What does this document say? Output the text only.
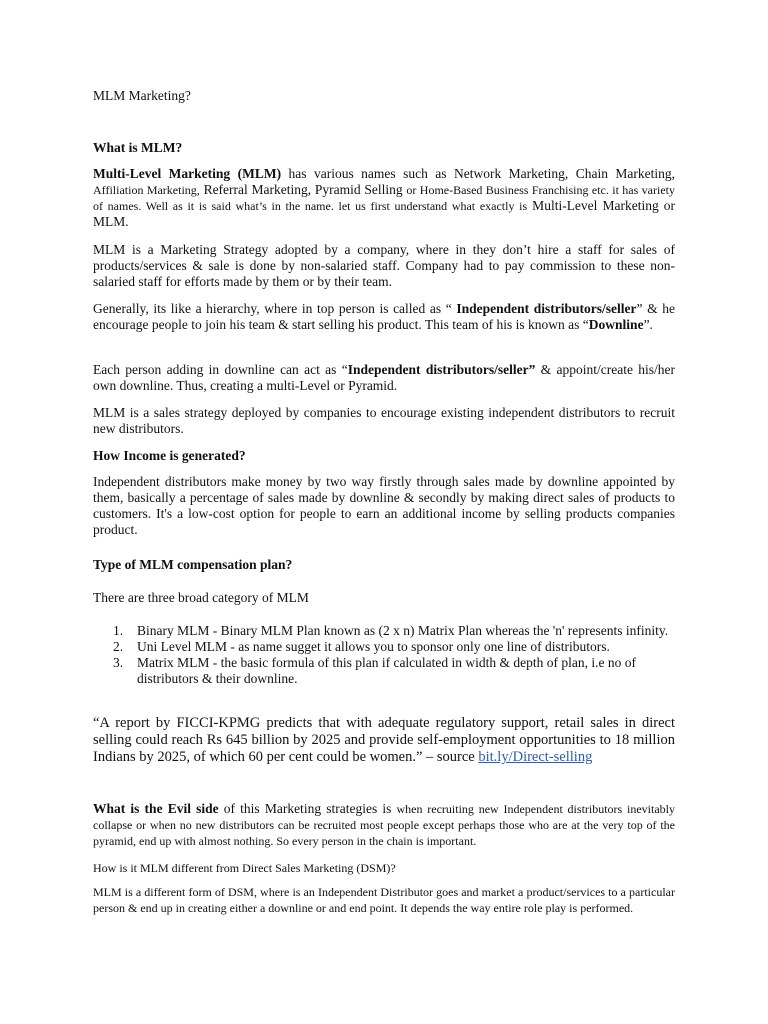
MLM Marketing?

What is MLM?

Multi-Level Marketing (MLM) has various names such as Network Marketing, Chain Marketing, Affiliation Marketing, Referral Marketing, Pyramid Selling or Home-Based Business Franchising etc. it has variety of names. Well as it is said what’s in the name. let us first understand what exactly is Multi-Level Marketing or MLM.

MLM is a Marketing Strategy adopted by a company, where in they don’t hire a staff for sales of products/services & sale is done by non-salaried staff. Company had to pay commission to these non-salaried staff for efforts made by them or by their team.

Generally, its like a hierarchy, where in top person is called as “ Independent distributors/seller” & he encourage people to join his team & start selling his product. This team of his is known as “Downline”.

Each person adding in downline can act as “Independent distributors/seller” & appoint/create his/her own downline. Thus, creating a multi-Level or Pyramid.

MLM is a sales strategy deployed by companies to encourage existing independent distributors to recruit new distributors.

How Income is generated?

Independent distributors make money by two way firstly through sales made by downline appointed by them, basically a percentage of sales made by downline & secondly by making direct sales of products to customers. It's a low-cost option for people to earn an additional income by selling products companies product.

Type of MLM compensation plan?

There are three broad category of MLM

1. Binary MLM - Binary MLM Plan known as (2 x n) Matrix Plan whereas the 'n' represents infinity.
2. Uni Level MLM - as name sugget it allows you to sponsor only one line of distributors.
3. Matrix MLM - the basic formula of this plan if calculated in width & depth of plan, i.e no of distributors & their downline.

“A report by FICCI-KPMG predicts that with adequate regulatory support, retail sales in direct selling could reach Rs 645 billion by 2025 and provide self-employment opportunities to 18 million Indians by 2025, of which 60 per cent could be women.” – source bit.ly/Direct-selling

What is the Evil side of this Marketing strategies is when recruiting new Independent distributors inevitably collapse or when no new distributors can be recruited most people except perhaps those who are at the very top of the pyramid, end up with almost nothing. So every person in the chain is important.

How is it MLM different from Direct Sales Marketing (DSM)?

MLM is a different form of DSM, where is an Independent Distributor goes and market a product/services to a particular person & end up in creating either a downline or and end point. It depends the way entire role play is performed.
